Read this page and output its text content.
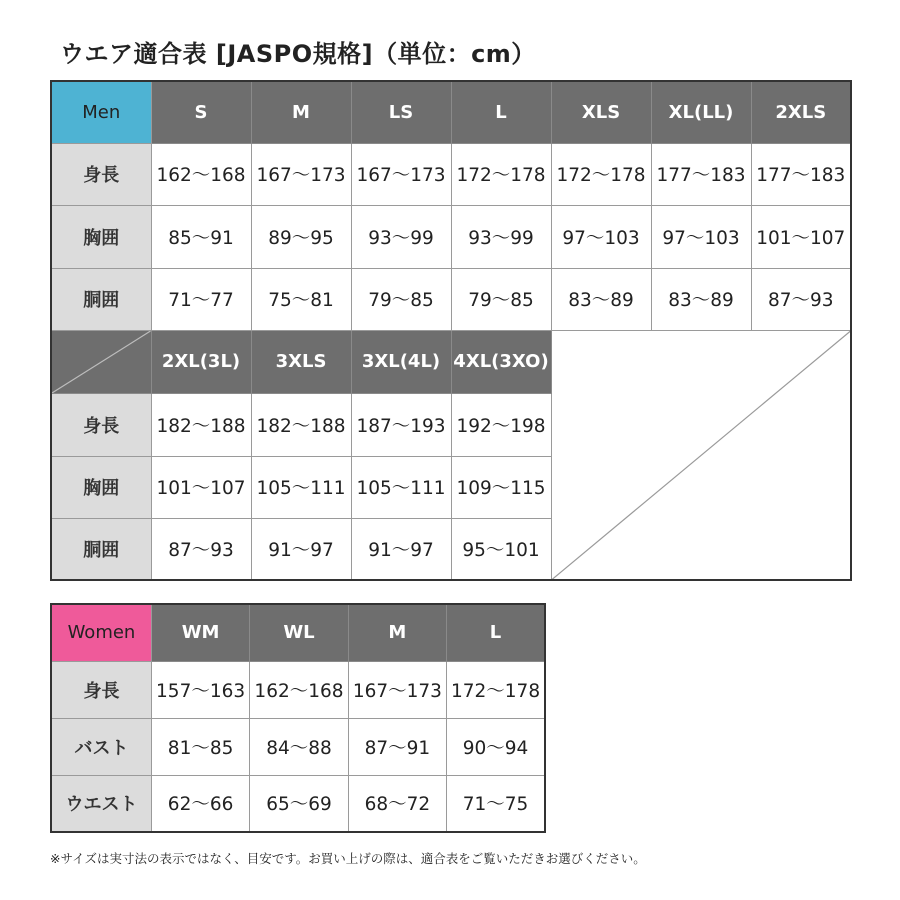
ウエア適合表 [JASPO規格]（単位：cm）
Men	S	M	LS	L	XLS	XL(LL)	2XLS
身長	162〜168	167〜173	167〜173	172〜178	172〜178	177〜183	177〜183
胸囲	85〜91	89〜95	93〜99	93〜99	97〜103	97〜103	101〜107
胴囲	71〜77	75〜81	79〜85	79〜85	83〜89	83〜89	87〜93

	2XL(3L)	3XLS	3XL(4L)	4XL(3XO)	

身長	182〜188	182〜188	187〜193	192〜198			
胸囲	101〜107	105〜111	105〜111	109〜115			
胴囲	87〜93	91〜97	91〜97	95〜101			
Women	WM	WL	M	L
身長	157〜163	162〜168	167〜173	172〜178
バスト	81〜85	84〜88	87〜91	90〜94
ウエスト	62〜66	65〜69	68〜72	71〜75
※サイズは実寸法の表示ではなく、目安です。お買い上げの際は、適合表をご覧いただきお選びください。
